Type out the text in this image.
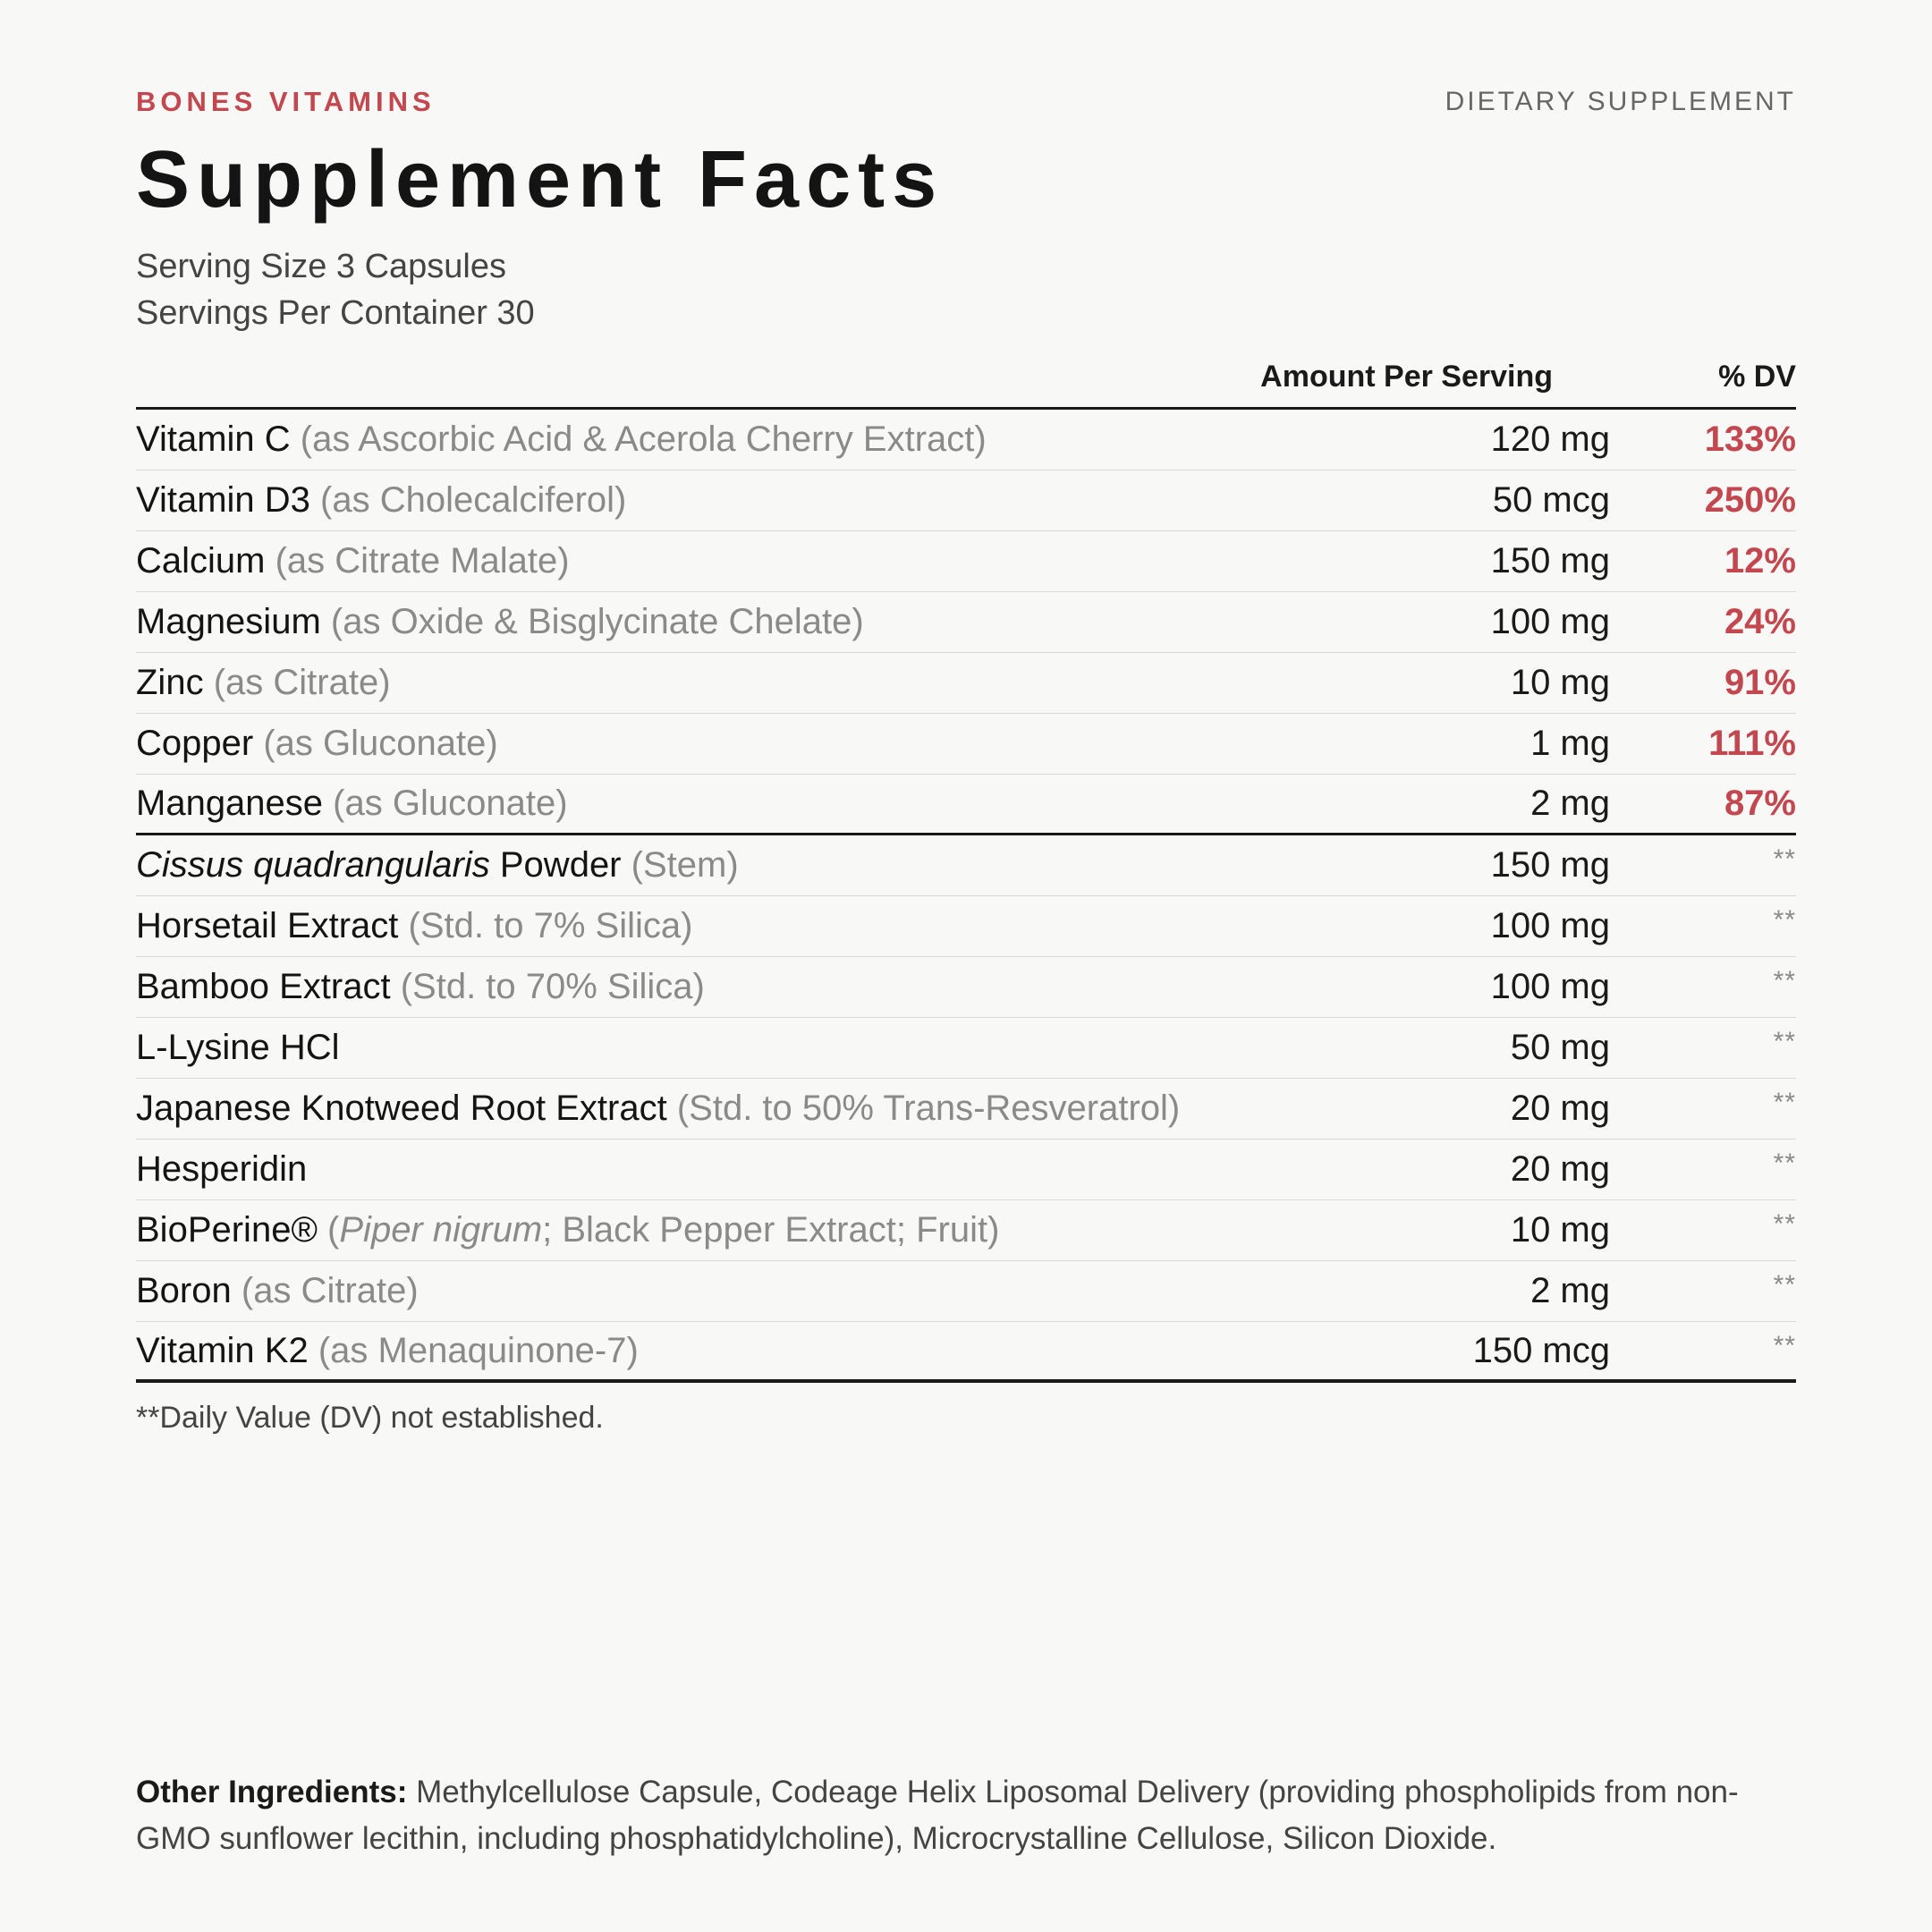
BONES VITAMINS	DIETARY SUPPLEMENT
Supplement Facts
Serving Size 3 Capsules
Servings Per Container 30
Amount Per Serving	% DV
Vitamin C (as Ascorbic Acid & Acerola Cherry Extract)	120 mg	133%
Vitamin D3 (as Cholecalciferol)	50 mcg	250%
Calcium (as Citrate Malate)	150 mg	12%
Magnesium (as Oxide & Bisglycinate Chelate)	100 mg	24%
Zinc (as Citrate)	10 mg	91%
Copper (as Gluconate)	1 mg	111%
Manganese (as Gluconate)	2 mg	87%
Cissus quadrangularis Powder (Stem)	150 mg	**
Horsetail Extract (Std. to 7% Silica)	100 mg	**
Bamboo Extract (Std. to 70% Silica)	100 mg	**
L-Lysine HCl	50 mg	**
Japanese Knotweed Root Extract (Std. to 50% Trans-Resveratrol)	20 mg	**
Hesperidin	20 mg	**
BioPerine® (Piper nigrum; Black Pepper Extract; Fruit)	10 mg	**
Boron (as Citrate)	2 mg	**
Vitamin K2 (as Menaquinone-7)	150 mcg	**
**Daily Value (DV) not established.
Other Ingredients: Methylcellulose Capsule, Codeage Helix Liposomal Delivery (providing phospholipids from non-GMO sunflower lecithin, including phosphatidylcholine), Microcrystalline Cellulose, Silicon Dioxide.
